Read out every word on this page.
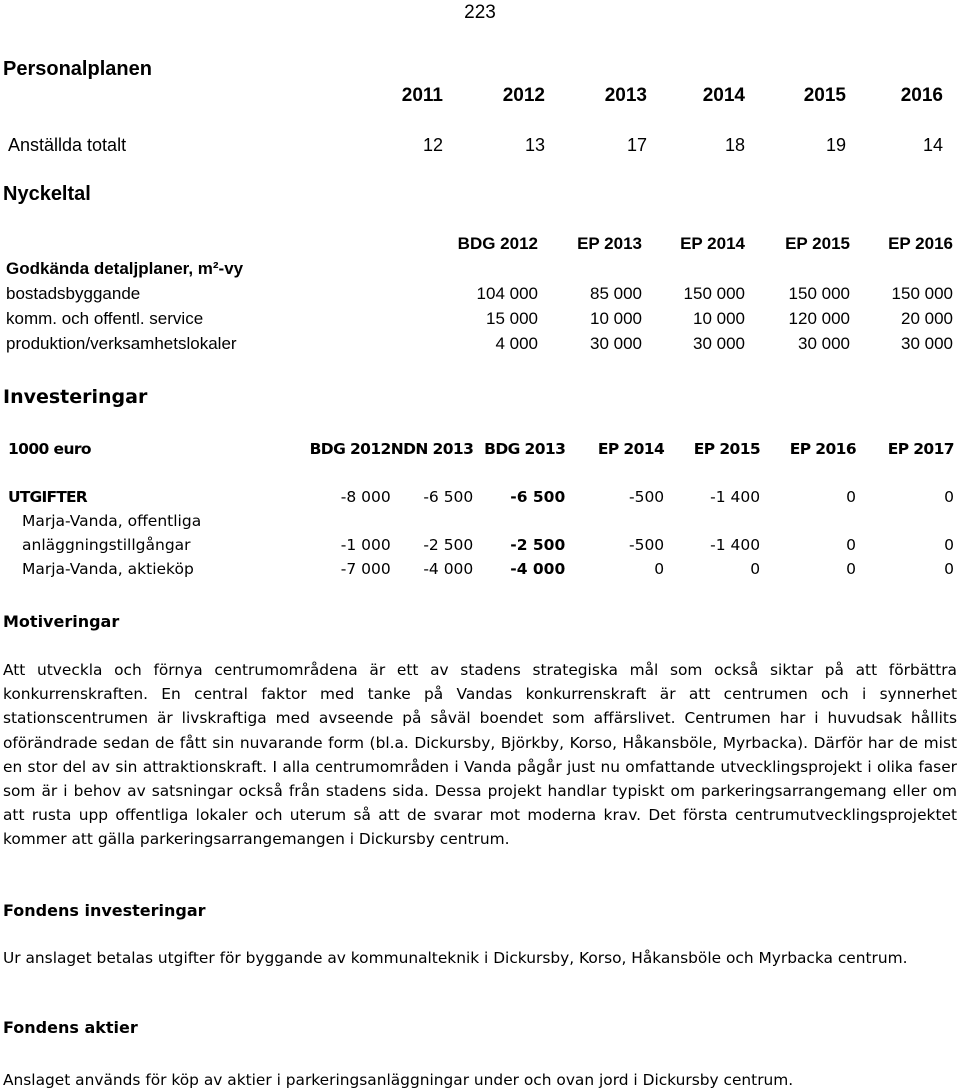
223
Personalplanen
	2011	2012	2013	2014	2015	2016

Anställda totalt	12	13	17	18	19	14
Nyckeltal
	BDG 2012	EP 2013	EP 2014	EP 2015	EP 2016
Godkända detaljplaner, m²-vy					
bostadsbyggande	104 000	85 000	150 000	150 000	150 000
komm. och offentl. service	15 000	10 000	10 000	120 000	20 000
produktion/verksamhetslokaler	4 000	30 000	30 000	30 000	30 000
Investeringar
1000 euro	BDG 2012	NDN 2013	BDG 2013	EP 2014	EP 2015	EP 2016	EP 2017

UTGIFTER	-8 000	-6 500	-6 500	-500	-1 400	0	0
Marja-Vanda, offentliga							
anläggningstillgångar	-1 000	-2 500	-2 500	-500	-1 400	0	0
Marja-Vanda, aktieköp	-7 000	-4 000	-4 000	0	0	0	0
Motiveringar
Att utveckla och förnya centrumområdena är ett av stadens strategiska mål som också siktar på att förbättra konkurrenskraften. En central faktor med tanke på Vandas konkurrenskraft är att centrumen och i synnerhet stationscentrumen är livskraftiga med avseende på såväl boendet som affärslivet. Centrumen har i huvudsak hållits oförändrade sedan de fått sin nuvarande form (bl.a. Dickursby, Björkby, Korso, Håkansböle, Myrbacka). Därför har de mist en stor del av sin attraktionskraft. I alla centrumområden i Vanda pågår just nu omfattande utvecklingsprojekt i olika faser som är i behov av satsningar också från stadens sida. Dessa projekt handlar typiskt om parkeringsarrangemang eller om att rusta upp offentliga lokaler och uterum så att de svarar mot moderna krav. Det första centrumutvecklingsprojektet kommer att gälla parkeringsarrangemangen i Dickursby centrum.
Fondens investeringar
Ur anslaget betalas utgifter för byggande av kommunalteknik i Dickursby, Korso, Håkansböle och Myrbacka centrum.
Fondens aktier
Anslaget används för köp av aktier i parkeringsanläggningar under och ovan jord i Dickursby centrum.
